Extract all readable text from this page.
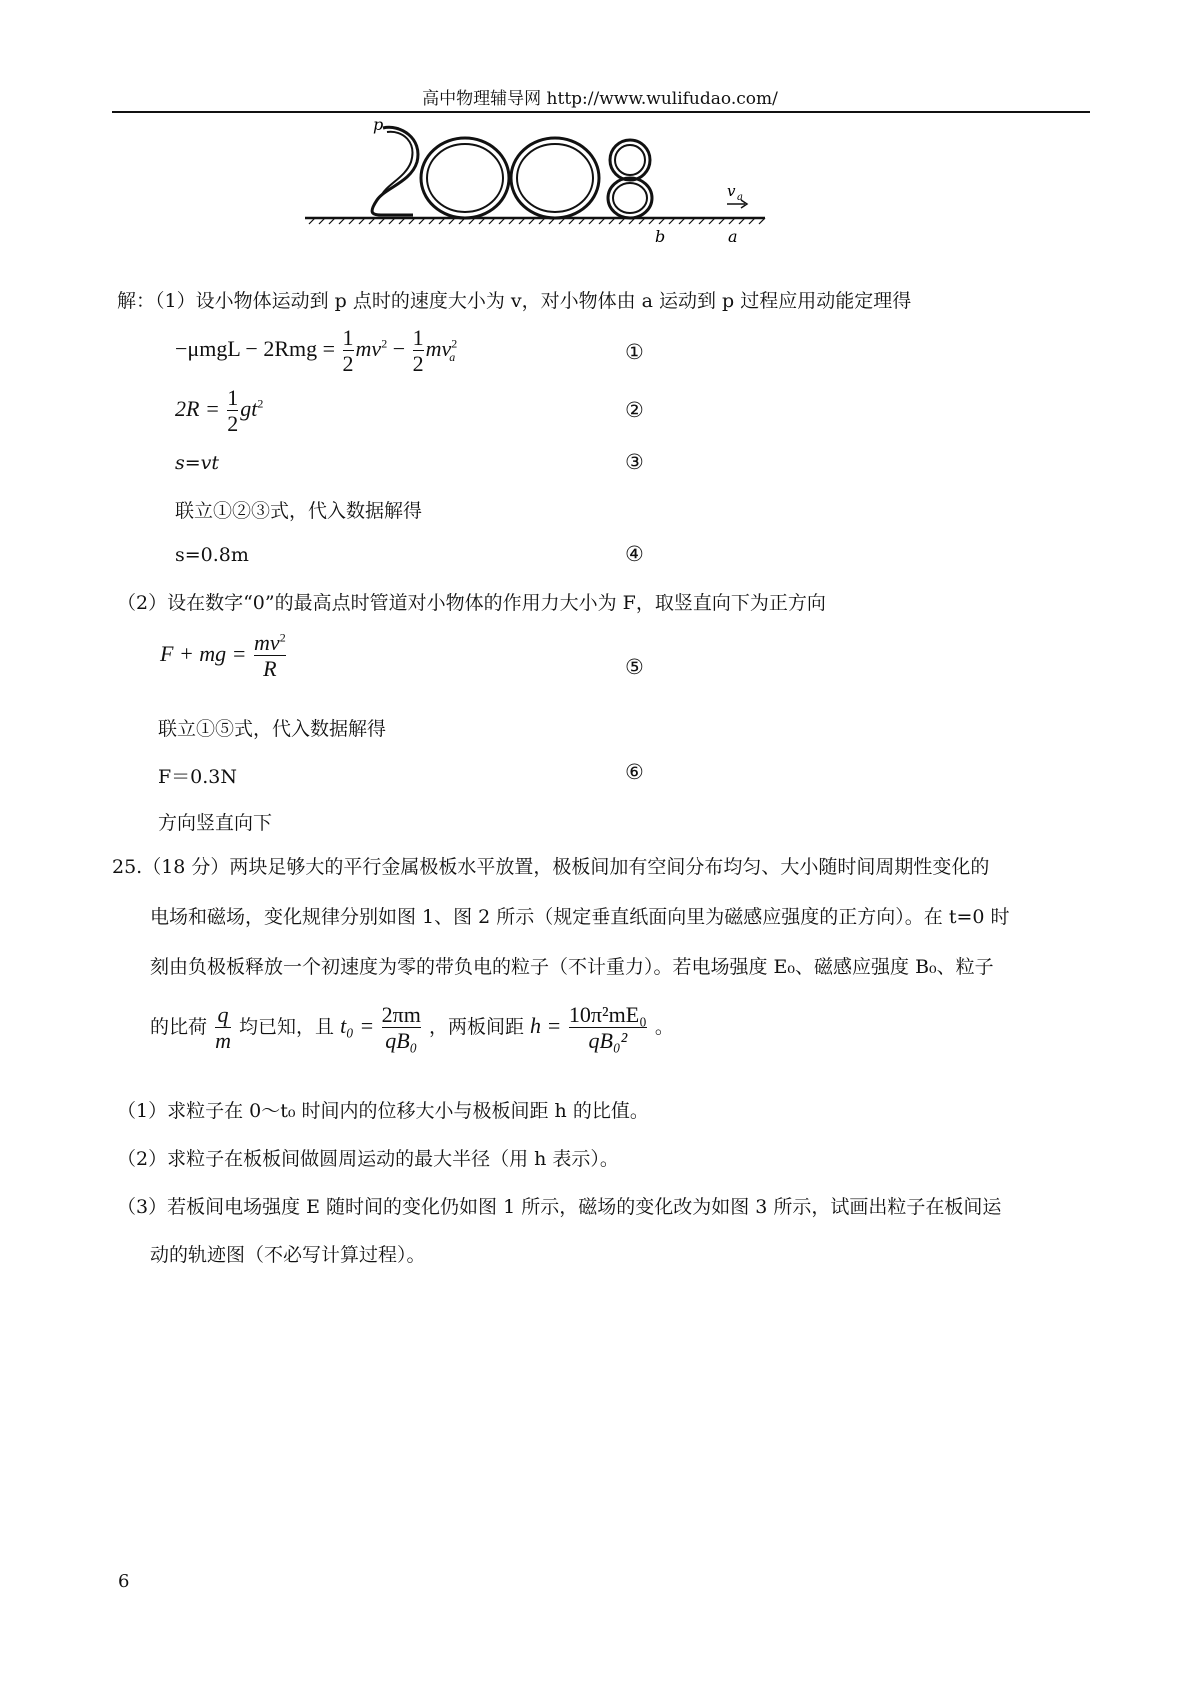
高中物理辅导网 http://www.wulifudao.com/
p
b	a
v a
解：（1）设小物体运动到 p 点时的速度大小为 v，对小物体由 a 运动到 p 过程应用动能定理得
$-\mu mgL - 2Rmg = \frac{1}{2} mv^2 - \frac{1}{2} mv^2_a$	①
$2R = \frac{1}{2} gt^2$	②
s=vt	③
联立①②③式，代入数据解得
s=0.8m	④
（2）设在数字“0”的最高点时管道对小物体的作用力大小为 F，取竖直向下为正方向
F + mg = $\frac{mv^2}{R}$	⑤
联立①⑤式，代入数据解得
F＝0.3N	⑥
方向竖直向下
25.（18 分）两块足够大的平行金属极板水平放置，极板间加有空间分布均匀、大小随时间周期性变化的
电场和磁场，变化规律分别如图 1、图 2 所示（规定垂直纸面向里为磁感应强度的正方向）。在 t=0 时
刻由负极板释放一个初速度为零的带负电的粒子（不计重力）。若电场强度 E₀、磁感应强度 B₀、粒子
的比荷 $\frac{q}{m}$ 均已知，且 $t_0 = \frac{2\pi m}{\text{qB₀}}$ ，两板间距 $h = \frac{\text{10π²mE₀}}{\text{qB₀²}}$ 。
（1）求粒子在 0～t₀ 时间内的位移大小与极板间距 h 的比值。
（2）求粒子在板板间做圆周运动的最大半径（用 h 表示）。
（3）若板间电场强度 E 随时间的变化仍如图 1 所示，磁场的变化改为如图 3 所示，试画出粒子在板间运
动的轨迹图（不必写计算过程）。
6
